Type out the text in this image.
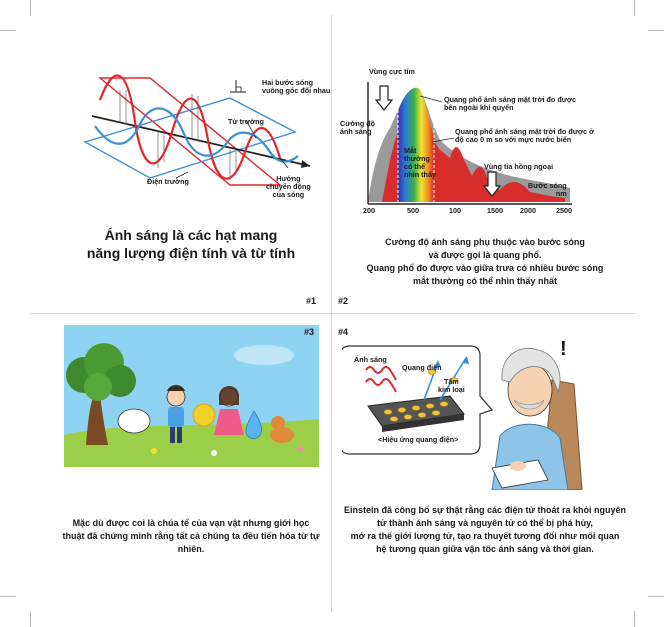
Hai bước sóng
vuông góc đối nhau
Từ trường
Điện trường	Hướng
chuyển động
của sóng
Ánh sáng là các hạt mang
năng lượng điện tính và từ tính
#1
Vùng cực tím
Cường độ
ánh sáng
Quang phổ ánh sáng mặt trời đo được
bên ngoài khí quyển
Quang phổ ánh sáng mặt trời đo được ở
độ cao 0 m so với mực nước biển
Mắt
thường
có thể
nhìn thấy
Vùng tia hồng ngoại
Bước sóng
nm
200	500	100	1500 2000	2500
Cường độ ánh sáng phụ thuộc vào bước sóng
và được gọi là quang phổ.
Quang phổ đo được vào giữa trưa có nhiều bước sóng
mắt thường có thể nhìn thấy nhất
#2
#3
Mặc dù được coi là chúa tể của vạn vật nhưng giới học
thuật đã chứng minh rằng tất cả chúng ta đều tiến hóa từ tự nhiên.
#4
!
Ánh sáng
Quang điện
Tấm
kim loại
<Hiệu ứng quang điện>
Einstein đã công bố sự thật rằng các điện tử thoát ra khỏi nguyên
tử thành ánh sáng và nguyên tử có thể bị phá hủy,
mở ra thế giới lượng tử, tạo ra thuyết tương đối như mối quan
hệ tương quan giữa vận tốc ánh sáng và thời gian.
